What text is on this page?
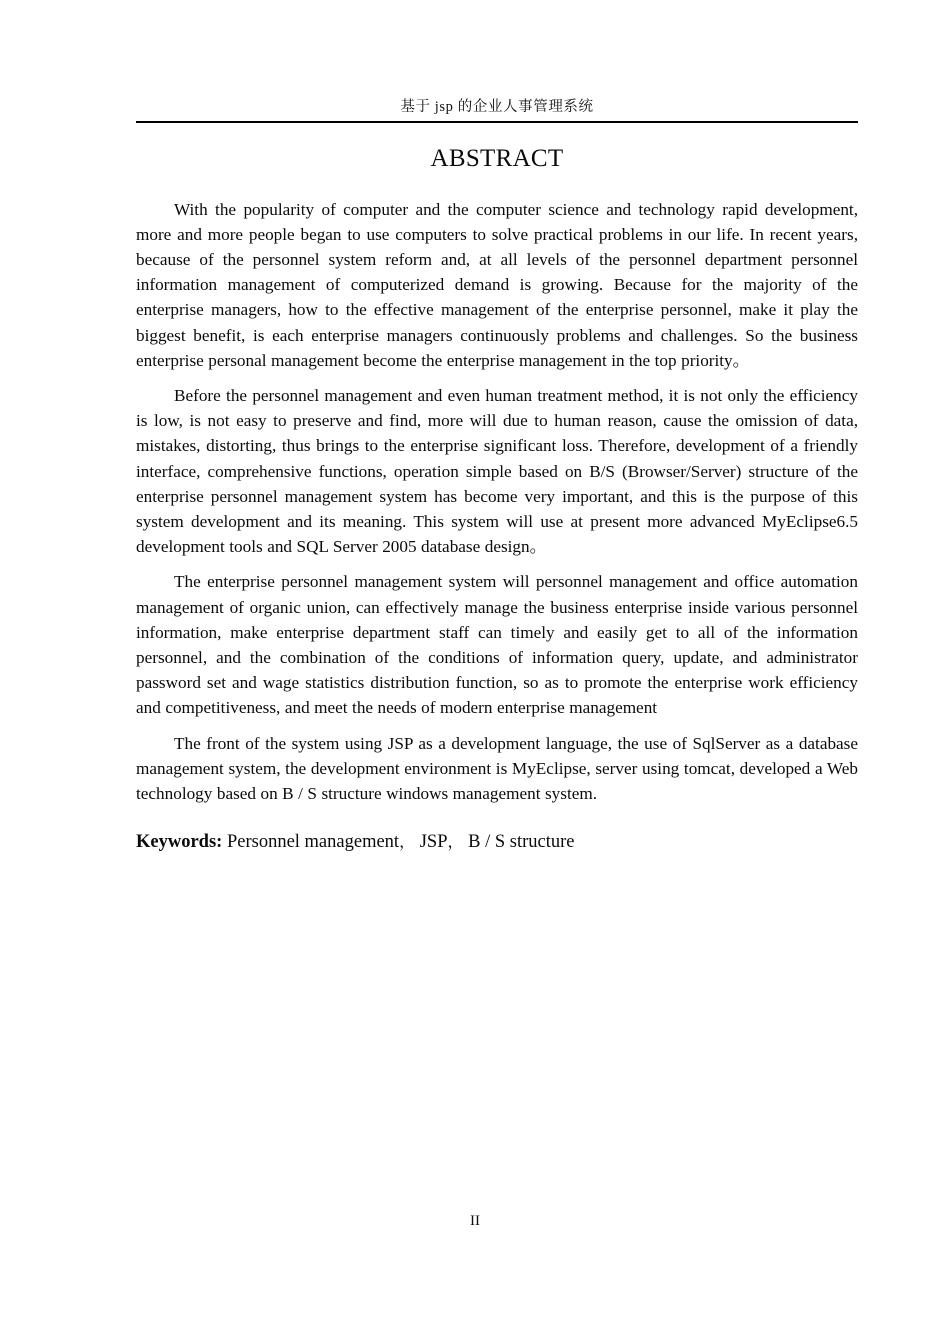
基于 jsp 的企业人事管理系统
ABSTRACT

With the popularity of computer and the computer science and technology rapid development, more and more people began to use computers to solve practical problems in our life. In recent years, because of the personnel system reform and, at all levels of the personnel department personnel information management of computerized demand is growing. Because for the majority of the enterprise managers, how to the effective management of the enterprise personnel, make it play the biggest benefit, is each enterprise managers continuously problems and challenges. So the business enterprise personal management become the enterprise management in the top priority。

Before the personnel management and even human treatment method, it is not only the efficiency is low, is not easy to preserve and find, more will due to human reason, cause the omission of data, mistakes, distorting, thus brings to the enterprise significant loss. Therefore, development of a friendly interface, comprehensive functions, operation simple based on B/S (Browser/Server) structure of the enterprise personnel management system has become very important, and this is the purpose of this system development and its meaning. This system will use at present more advanced MyEclipse6.5 development tools and SQL Server 2005 database design。

The enterprise personnel management system will personnel management and office automation management of organic union, can effectively manage the business enterprise inside various personnel information, make enterprise department staff can timely and easily get to all of the information personnel, and the combination of the conditions of information query, update, and administrator password set and wage statistics distribution function, so as to promote the enterprise work efficiency and competitiveness, and meet the needs of modern enterprise management

The front of the system using JSP as a development language, the use of SqlServer as a database management system, the development environment is MyEclipse, server using tomcat, developed a Web technology based on B / S structure windows management system.

Keywords: Personnel management， JSP， B / S structure

II
